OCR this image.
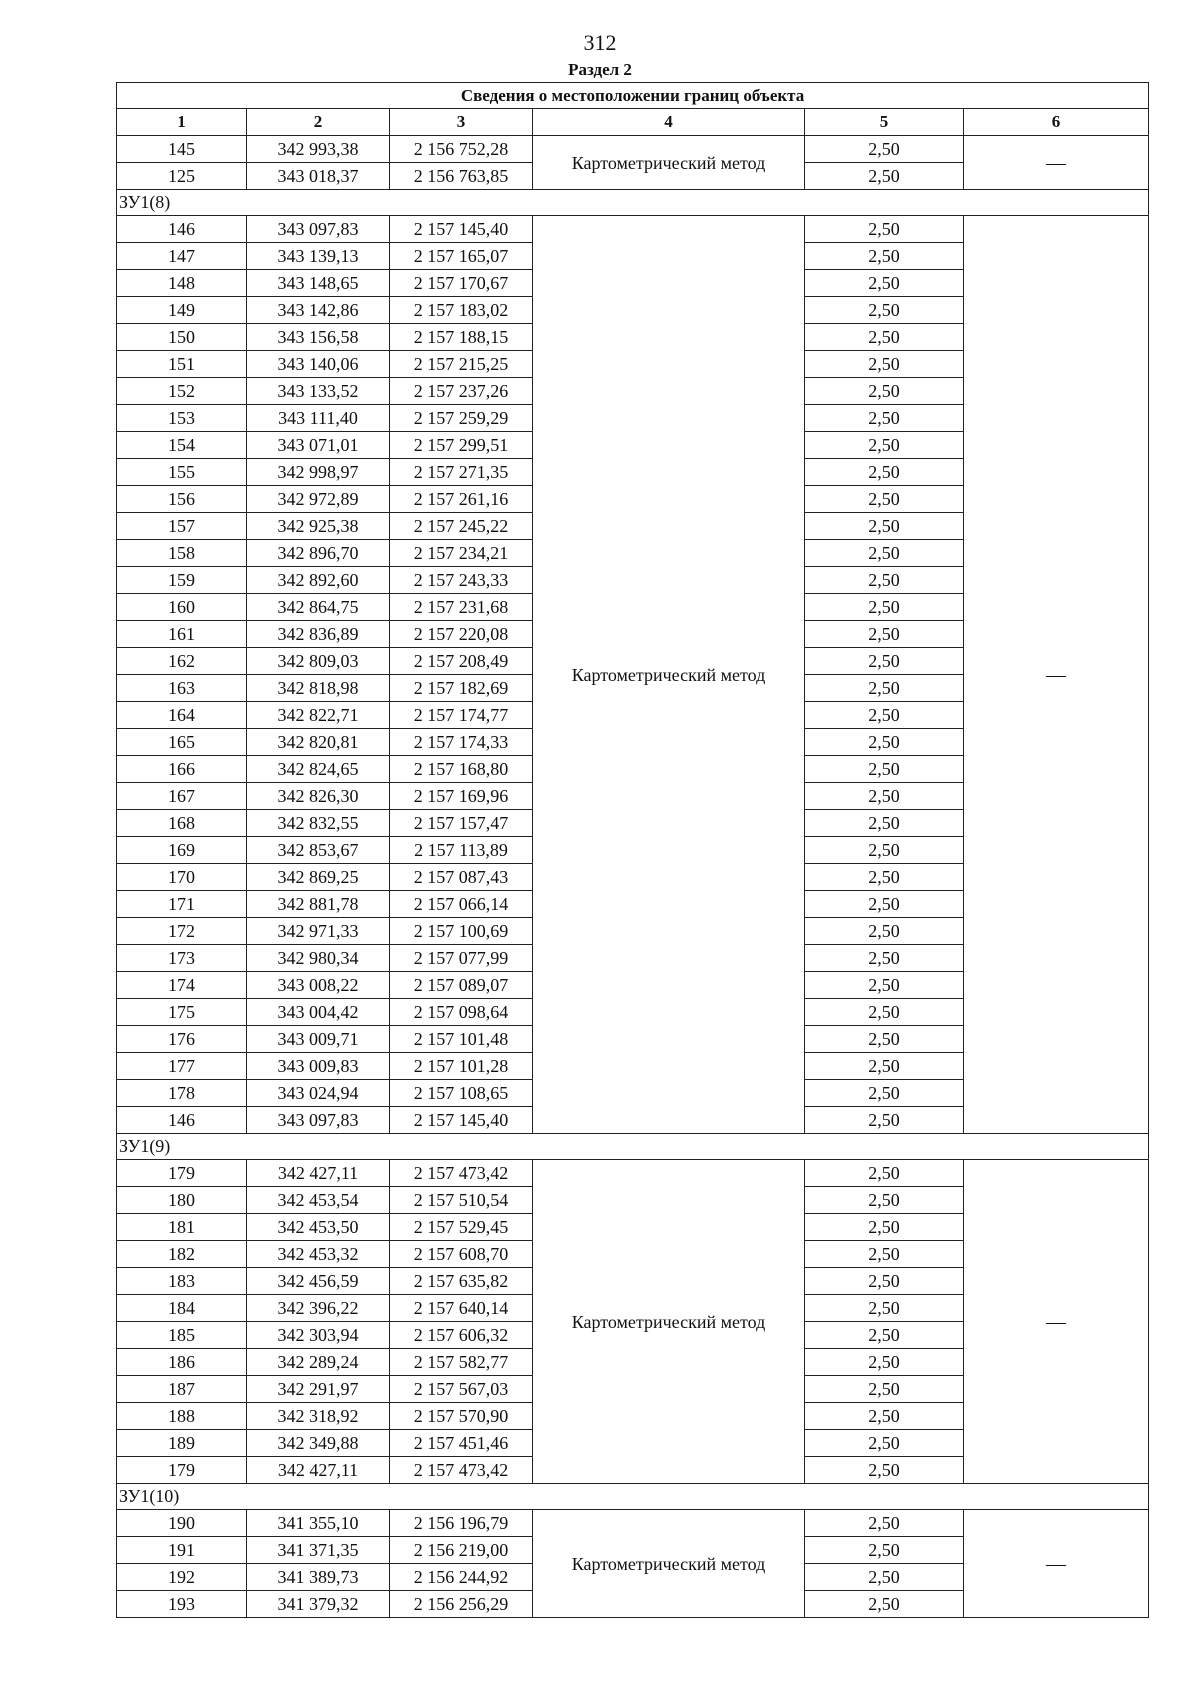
312
Раздел 2
Сведения о местоположении границ объекта					
1	2	3	4	5	6
145	342 993,38	2 156 752,28	Картометрический метод	2,50	—
125	343 018,37	2 156 763,85		2,50	
ЗУ1(8)					
146	343 097,83	2 157 145,40	Картометрический метод	2,50	—
147	343 139,13	2 157 165,07		2,50	
148	343 148,65	2 157 170,67		2,50	
149	343 142,86	2 157 183,02		2,50	
150	343 156,58	2 157 188,15		2,50	
151	343 140,06	2 157 215,25		2,50	
152	343 133,52	2 157 237,26		2,50	
153	343 111,40	2 157 259,29		2,50	
154	343 071,01	2 157 299,51		2,50	
155	342 998,97	2 157 271,35		2,50	
156	342 972,89	2 157 261,16		2,50	
157	342 925,38	2 157 245,22		2,50	
158	342 896,70	2 157 234,21		2,50	
159	342 892,60	2 157 243,33		2,50	
160	342 864,75	2 157 231,68		2,50	
161	342 836,89	2 157 220,08		2,50	
162	342 809,03	2 157 208,49		2,50	
163	342 818,98	2 157 182,69		2,50	
164	342 822,71	2 157 174,77		2,50	
165	342 820,81	2 157 174,33		2,50	
166	342 824,65	2 157 168,80		2,50	
167	342 826,30	2 157 169,96		2,50	
168	342 832,55	2 157 157,47		2,50	
169	342 853,67	2 157 113,89		2,50	
170	342 869,25	2 157 087,43		2,50	
171	342 881,78	2 157 066,14		2,50	
172	342 971,33	2 157 100,69		2,50	
173	342 980,34	2 157 077,99		2,50	
174	343 008,22	2 157 089,07		2,50	
175	343 004,42	2 157 098,64		2,50	
176	343 009,71	2 157 101,48		2,50	
177	343 009,83	2 157 101,28		2,50	
178	343 024,94	2 157 108,65		2,50	
146	343 097,83	2 157 145,40		2,50	
ЗУ1(9)					
179	342 427,11	2 157 473,42	Картометрический метод	2,50	—
180	342 453,54	2 157 510,54		2,50	
181	342 453,50	2 157 529,45		2,50	
182	342 453,32	2 157 608,70		2,50	
183	342 456,59	2 157 635,82		2,50	
184	342 396,22	2 157 640,14		2,50	
185	342 303,94	2 157 606,32		2,50	
186	342 289,24	2 157 582,77		2,50	
187	342 291,97	2 157 567,03		2,50	
188	342 318,92	2 157 570,90		2,50	
189	342 349,88	2 157 451,46		2,50	
179	342 427,11	2 157 473,42		2,50	
ЗУ1(10)					
190	341 355,10	2 156 196,79	Картометрический метод	2,50	—
191	341 371,35	2 156 219,00		2,50	
192	341 389,73	2 156 244,92		2,50	
193	341 379,32	2 156 256,29		2,50	
